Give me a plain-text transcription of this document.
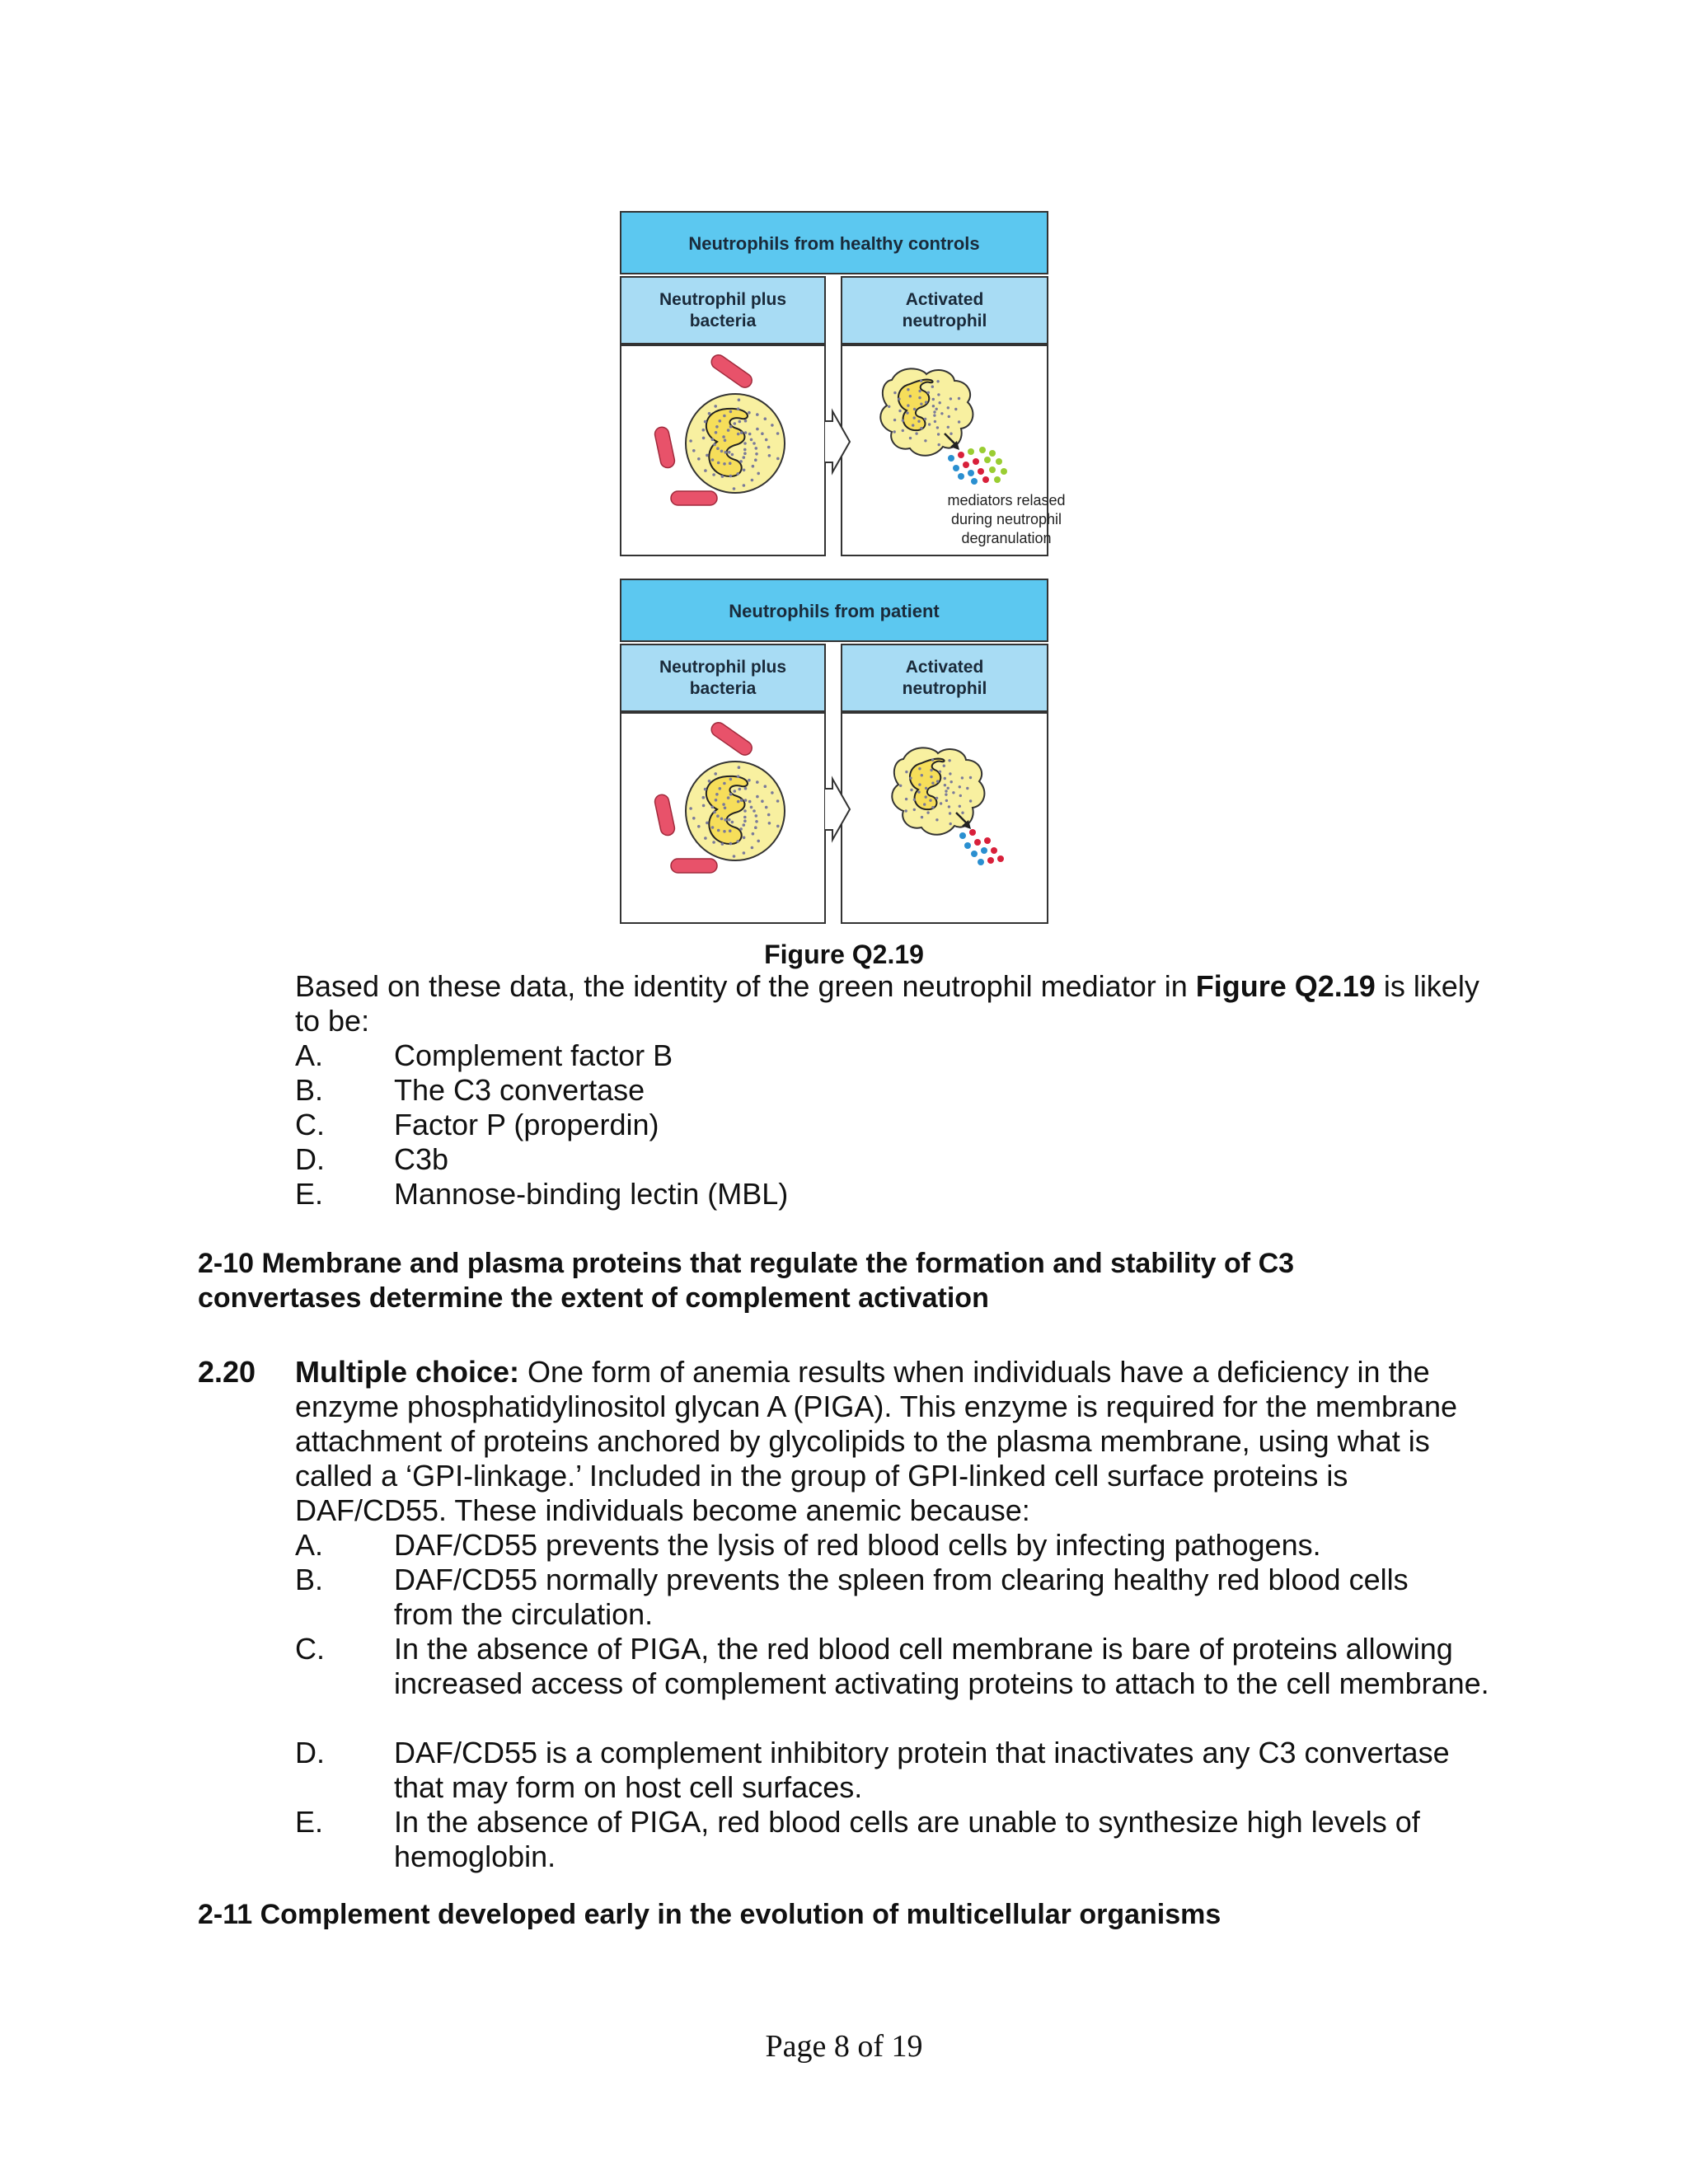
Neutrophils from healthy controls
Neutrophil plus
bacteria
Activated
neutrophil
mediators relased
during neutrophil
degranulation
Neutrophils from patient
Neutrophil plus
bacteria
Activated
neutrophil
Figure Q2.19
Based on these data, the identity of the green neutrophil mediator in Figure Q2.19 is likely to be:
A.	Complement factor B
B.	The C3 convertase
C.	Factor P (properdin)
D.	C3b
E.	Mannose-binding lectin (MBL)
2-10 Membrane and plasma proteins that regulate the formation and stability of C3
convertases determine the extent of complement activation
2.20 Multiple choice: One form of anemia results when individuals have a deficiency in the enzyme phosphatidylinositol glycan A (PIGA). This enzyme is required for the membrane attachment of proteins anchored by glycolipids to the plasma membrane, using what is called a ‘GPI-linkage.’ Included in the group of GPI-linked cell surface proteins is DAF/CD55. These individuals become anemic because:
A.	DAF/CD55 prevents the lysis of red blood cells by infecting pathogens.
B.	DAF/CD55 normally prevents the spleen from clearing healthy red blood cells from the circulation.
C.	In the absence of PIGA, the red blood cell membrane is bare of proteins allowing increased access of complement activating proteins to attach to the cell membrane.
D.	DAF/CD55 is a complement inhibitory protein that inactivates any C3 convertase that may form on host cell surfaces.
E.	In the absence of PIGA, red blood cells are unable to synthesize high levels of hemoglobin.
2-11 Complement developed early in the evolution of multicellular organisms
Page 8 of 19
